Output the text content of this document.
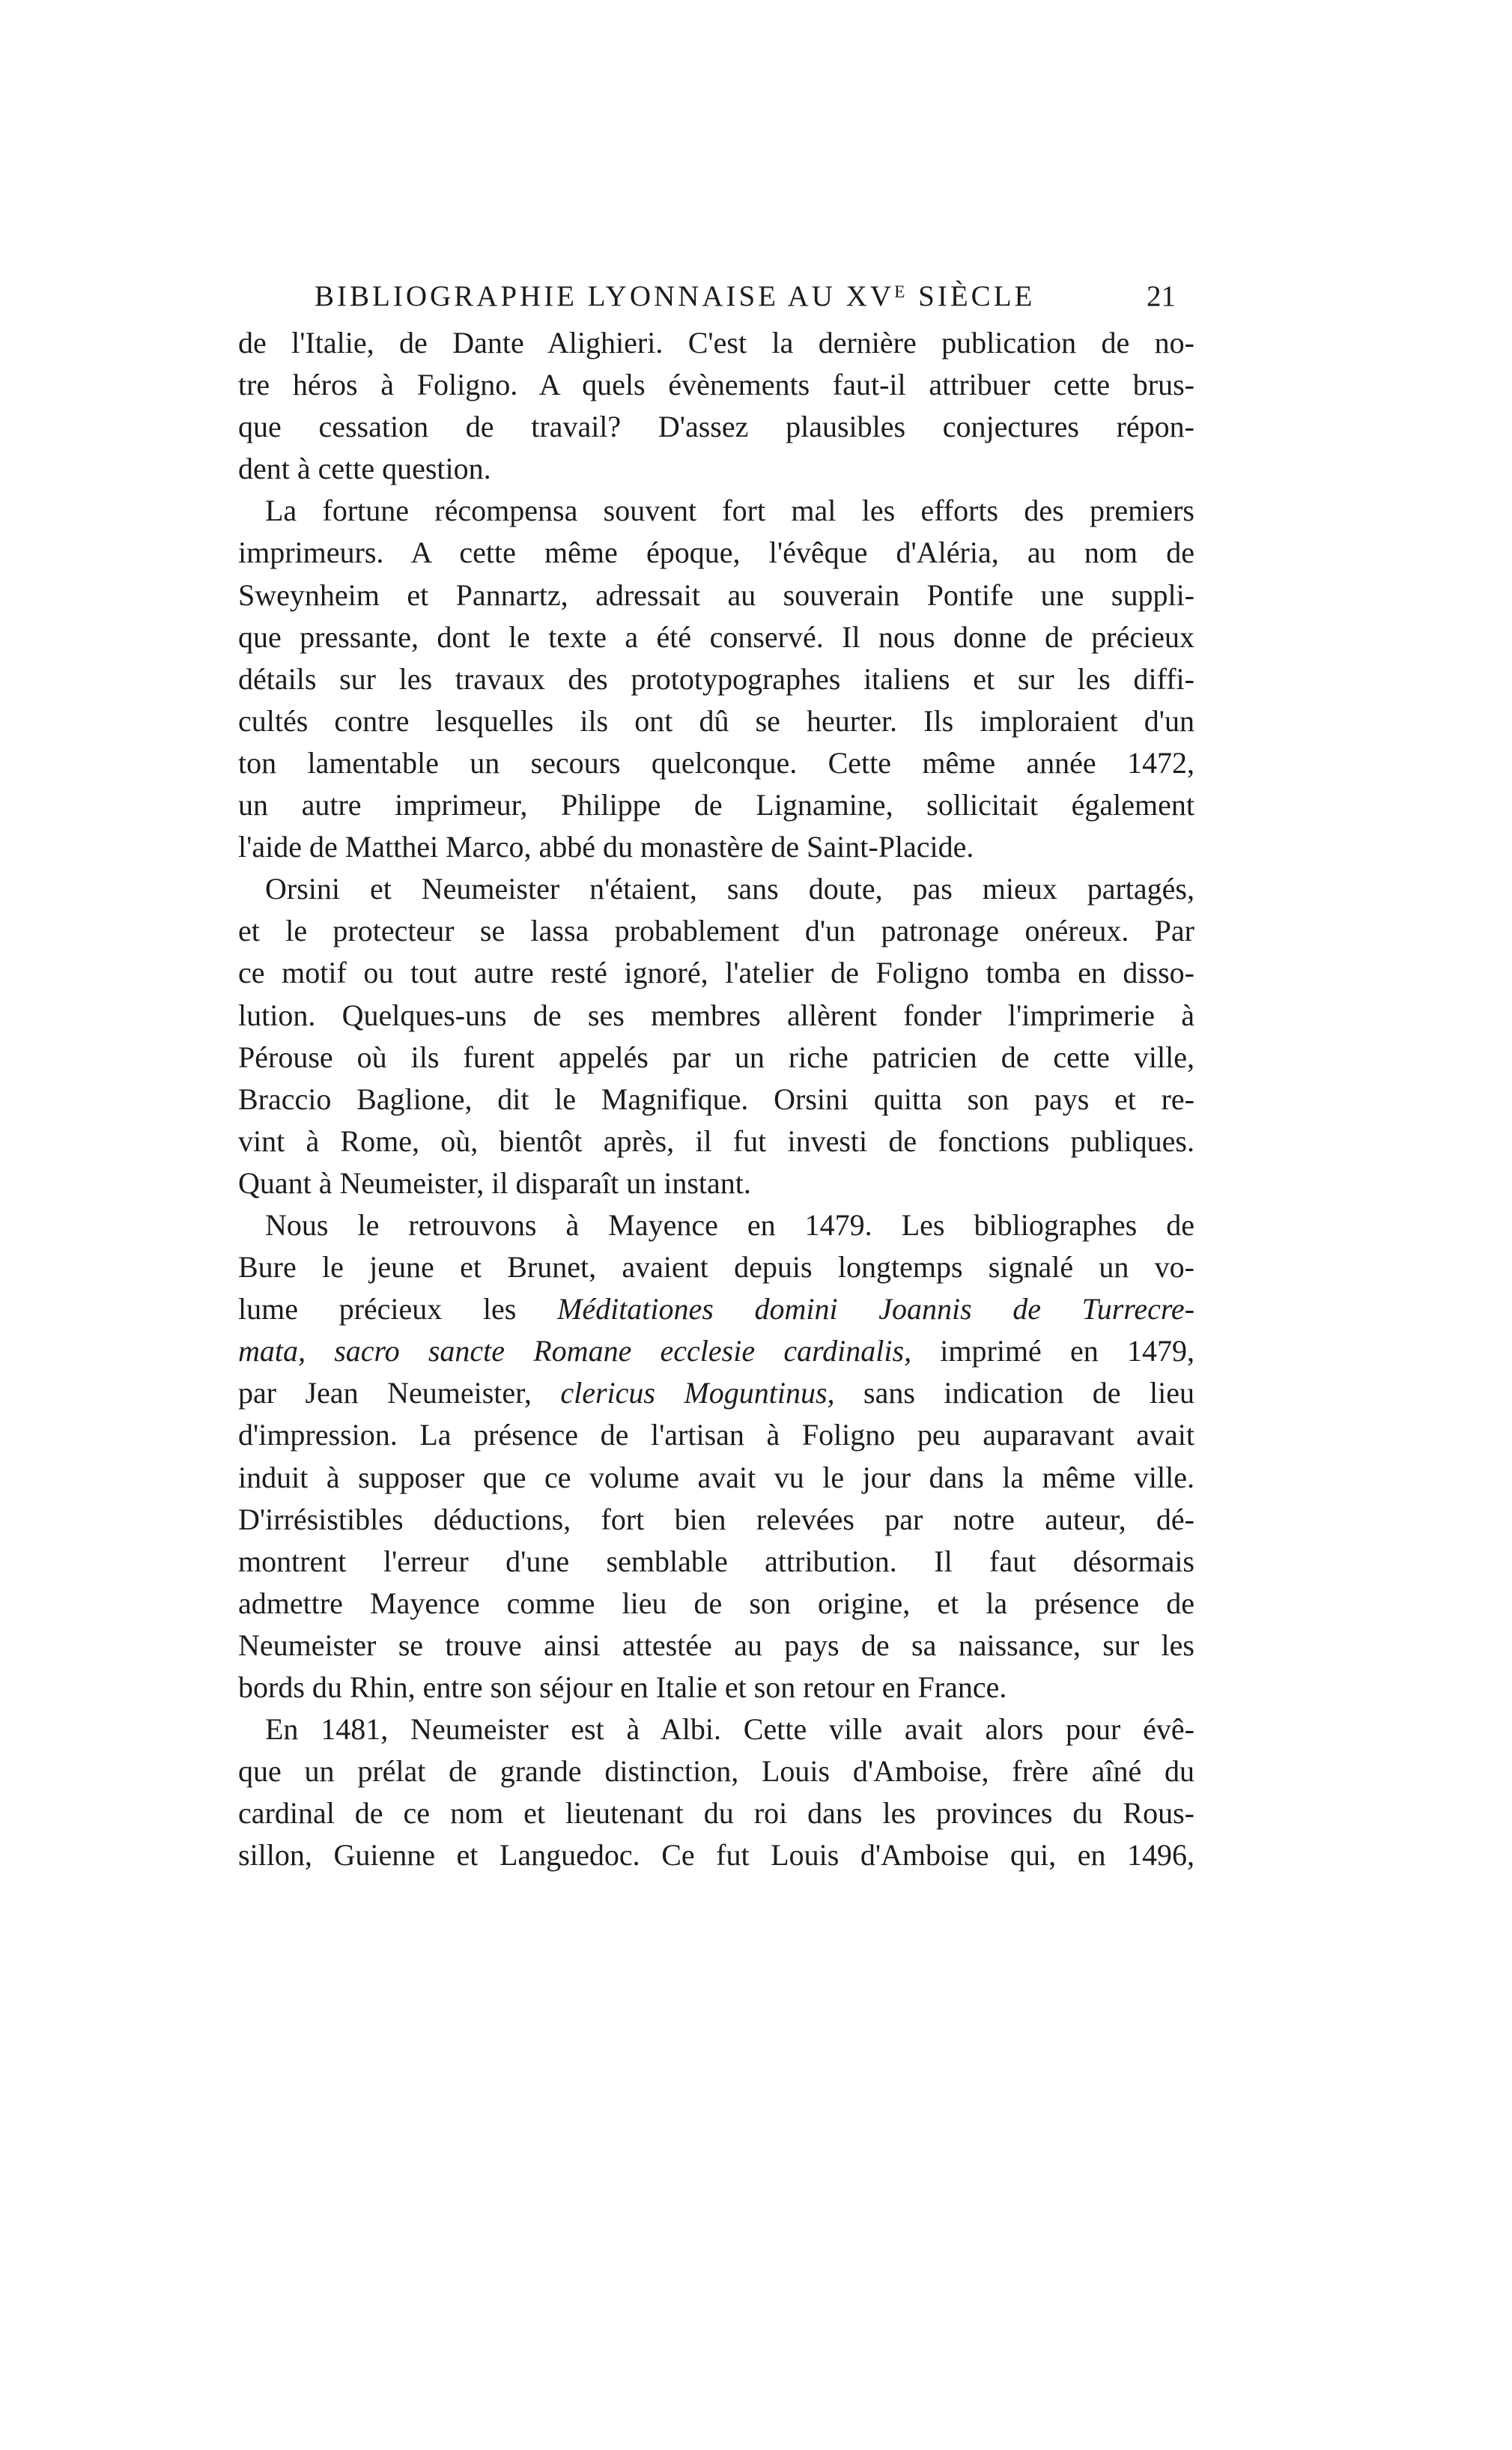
BIBLIOGRAPHIE LYONNAISE AU XVᴱ SIÈCLE	21
de l'Italie, de Dante Alighieri. C'est la dernière publication de no-
tre héros à Foligno. A quels évènements faut-il attribuer cette brus-
que cessation de travail? D'assez plausibles conjectures répon-
dent à cette question.
La fortune récompensa souvent fort mal les efforts des premiers
imprimeurs. A cette même époque, l'évêque d'Aléria, au nom de
Sweynheim et Pannartz, adressait au souverain Pontife une suppli-
que pressante, dont le texte a été conservé. Il nous donne de précieux
détails sur les travaux des prototypographes italiens et sur les diffi-
cultés contre lesquelles ils ont dû se heurter. Ils imploraient d'un
ton lamentable un secours quelconque. Cette même année 1472,
un autre imprimeur, Philippe de Lignamine, sollicitait également
l'aide de Matthei Marco, abbé du monastère de Saint-Placide.
Orsini et Neumeister n'étaient, sans doute, pas mieux partagés,
et le protecteur se lassa probablement d'un patronage onéreux. Par
ce motif ou tout autre resté ignoré, l'atelier de Foligno tomba en disso-
lution. Quelques-uns de ses membres allèrent fonder l'imprimerie à
Pérouse où ils furent appelés par un riche patricien de cette ville,
Braccio Baglione, dit le Magnifique. Orsini quitta son pays et re-
vint à Rome, où, bientôt après, il fut investi de fonctions publiques.
Quant à Neumeister, il disparaît un instant.
Nous le retrouvons à Mayence en 1479. Les bibliographes de
Bure le jeune et Brunet, avaient depuis longtemps signalé un vo-
lume précieux les Méditationes domini Joannis de Turrecre-
mata, sacro sancte Romane ecclesie cardinalis, imprimé en 1479,
par Jean Neumeister, clericus Moguntinus, sans indication de lieu
d'impression. La présence de l'artisan à Foligno peu auparavant avait
induit à supposer que ce volume avait vu le jour dans la même ville.
D'irrésistibles déductions, fort bien relevées par notre auteur, dé-
montrent l'erreur d'une semblable attribution. Il faut désormais
admettre Mayence comme lieu de son origine, et la présence de
Neumeister se trouve ainsi attestée au pays de sa naissance, sur les
bords du Rhin, entre son séjour en Italie et son retour en France.
En 1481, Neumeister est à Albi. Cette ville avait alors pour évê-
que un prélat de grande distinction, Louis d'Amboise, frère aîné du
cardinal de ce nom et lieutenant du roi dans les provinces du Rous-
sillon, Guienne et Languedoc. Ce fut Louis d'Amboise qui, en 1496,
